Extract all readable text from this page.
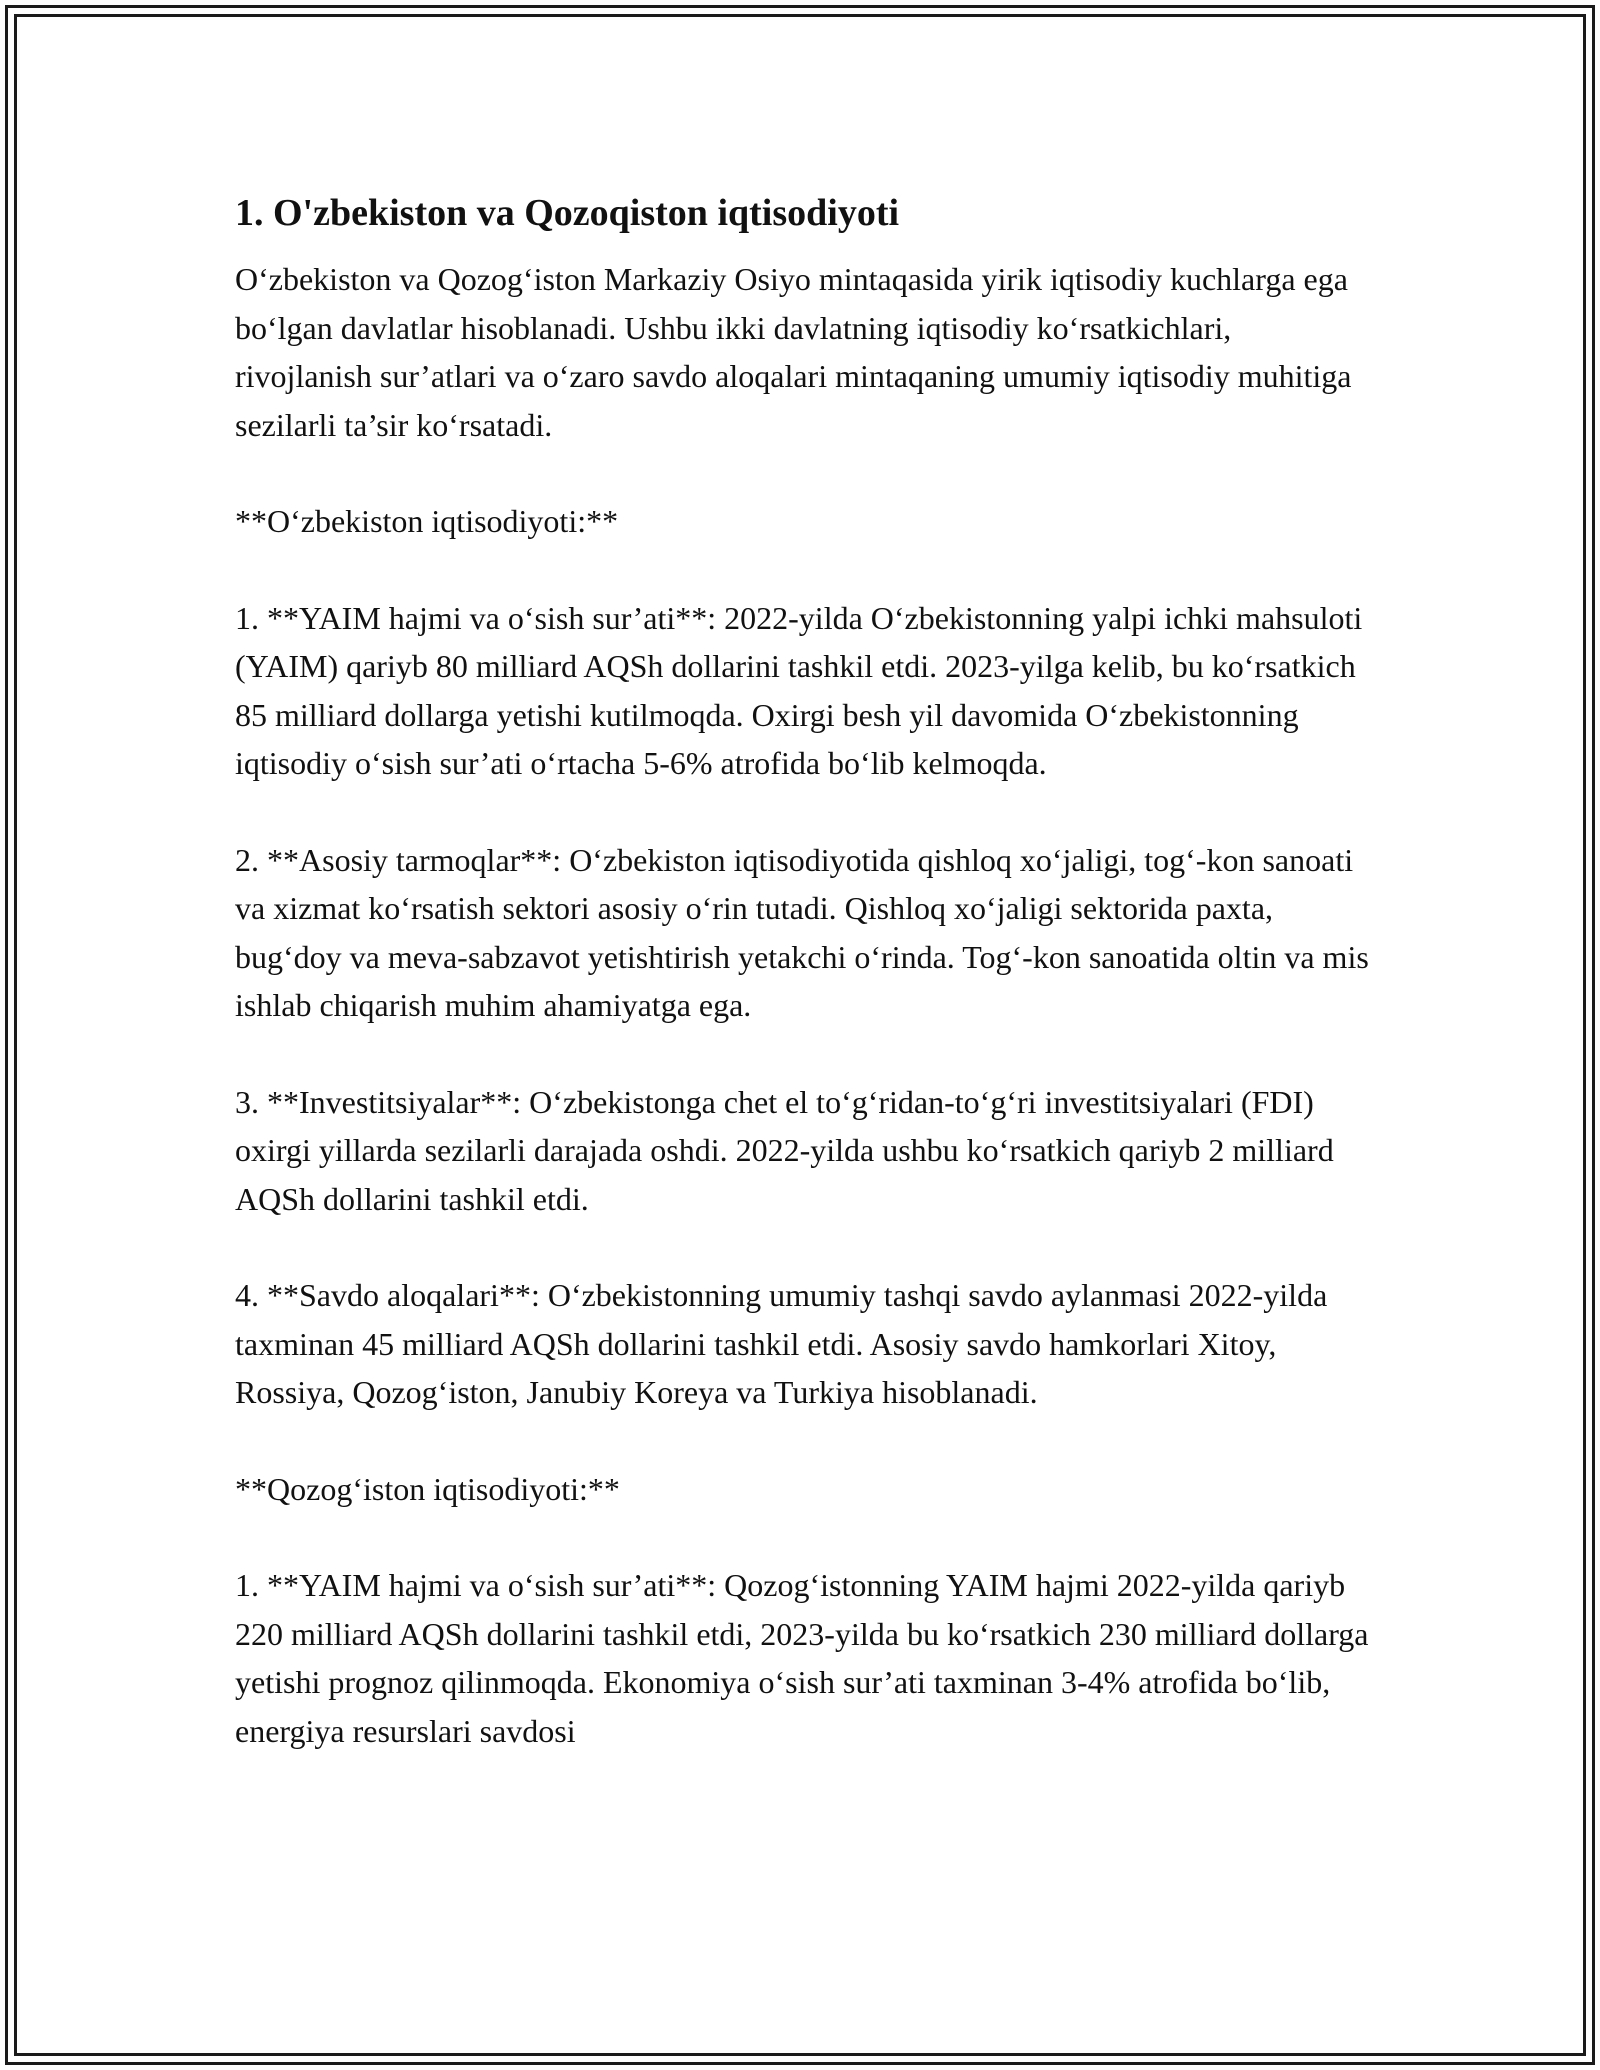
1. O'zbekiston va Qozoqiston iqtisodiyoti

O‘zbekiston va Qozog‘iston Markaziy Osiyo mintaqasida yirik iqtisodiy kuchlarga ega bo‘lgan davlatlar hisoblanadi. Ushbu ikki davlatning iqtisodiy ko‘rsatkichlari, rivojlanish sur’atlari va o‘zaro savdo aloqalari mintaqaning umumiy iqtisodiy muhitiga sezilarli ta’sir ko‘rsatadi.

**O‘zbekiston iqtisodiyoti:**

1. **YAIM hajmi va o‘sish sur’ati**: 2022-yilda O‘zbekistonning yalpi ichki mahsuloti (YAIM) qariyb 80 milliard AQSh dollarini tashkil etdi. 2023-yilga kelib, bu ko‘rsatkich 85 milliard dollarga yetishi kutilmoqda. Oxirgi besh yil davomida O‘zbekistonning iqtisodiy o‘sish sur’ati o‘rtacha 5-6% atrofida bo‘lib kelmoqda.

2. **Asosiy tarmoqlar**: O‘zbekiston iqtisodiyotida qishloq xo‘jaligi, tog‘-kon sanoati va xizmat ko‘rsatish sektori asosiy o‘rin tutadi. Qishloq xo‘jaligi sektorida paxta, bug‘doy va meva-sabzavot yetishtirish yetakchi o‘rinda. Tog‘-kon sanoatida oltin va mis ishlab chiqarish muhim ahamiyatga ega.

3. **Investitsiyalar**: O‘zbekistonga chet el to‘g‘ridan-to‘g‘ri investitsiyalari (FDI) oxirgi yillarda sezilarli darajada oshdi. 2022-yilda ushbu ko‘rsatkich qariyb 2 milliard AQSh dollarini tashkil etdi.

4. **Savdo aloqalari**: O‘zbekistonning umumiy tashqi savdo aylanmasi 2022-yilda taxminan 45 milliard AQSh dollarini tashkil etdi. Asosiy savdo hamkorlari Xitoy, Rossiya, Qozog‘iston, Janubiy Koreya va Turkiya hisoblanadi.

**Qozog‘iston iqtisodiyoti:**

1. **YAIM hajmi va o‘sish sur’ati**: Qozog‘istonning YAIM hajmi 2022-yilda qariyb 220 milliard AQSh dollarini tashkil etdi, 2023-yilda bu ko‘rsatkich 230 milliard dollarga yetishi prognoz qilinmoqda. Ekonomiya o‘sish sur’ati taxminan 3-4% atrofida bo‘lib, energiya resurslari savdosi
